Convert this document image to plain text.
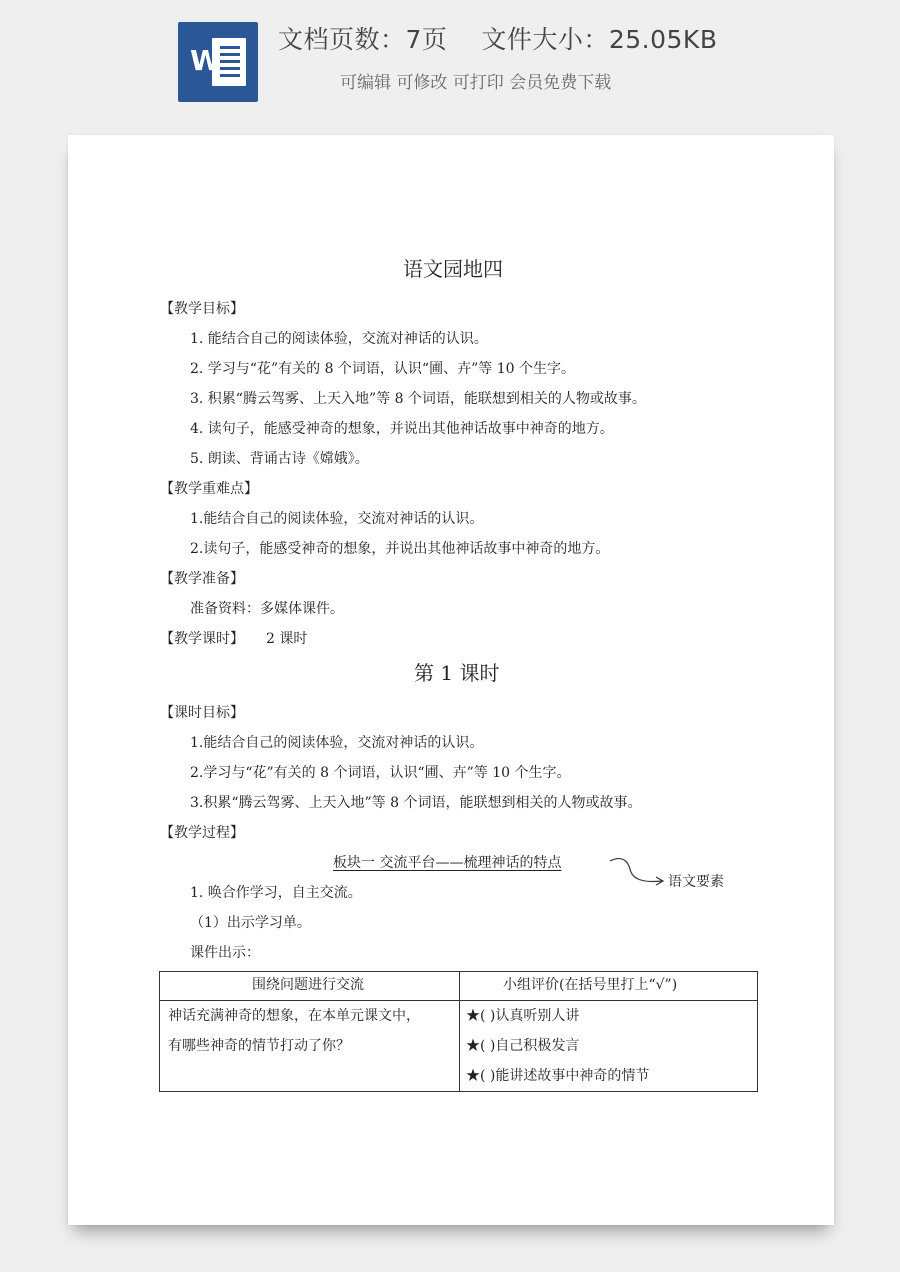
W
文档页数：7页　 文件大小：25.05KB
可编辑 可修改 可打印 会员免费下载
语文园地四
【教学目标】
1. 能结合自己的阅读体验，交流对神话的认识。
2. 学习与“花”有关的 8 个词语，认识“圃、卉”等 10 个生字。
3. 积累“腾云驾雾、上天入地”等 8 个词语，能联想到相关的人物或故事。
4. 读句子，能感受神奇的想象，并说出其他神话故事中神奇的地方。
5. 朗读、背诵古诗《嫦娥》。
【教学重难点】
1.能结合自己的阅读体验，交流对神话的认识。
2.读句子，能感受神奇的想象，并说出其他神话故事中神奇的地方。
【教学准备】
准备资料：多媒体课件。
【教学课时】 2 课时
第 1 课时
【课时目标】
1.能结合自己的阅读体验，交流对神话的认识。
2.学习与“花”有关的 8 个词语，认识“圃、卉”等 10 个生字。
3.积累“腾云驾雾、上天入地”等 8 个词语，能联想到相关的人物或故事。
【教学过程】
板块一 交流平台——梳理神话的特点
语文要素
1. 唤合作学习，自主交流。
（1）出示学习单。
课件出示：
围绕问题进行交流	小组评价(在括号里打上“√”)
神话充满神奇的想象，在本单元课文中，
有哪些神奇的情节打动了你？
★( )认真听别人讲
★( )自己积极发言
★( )能讲述故事中神奇的情节
